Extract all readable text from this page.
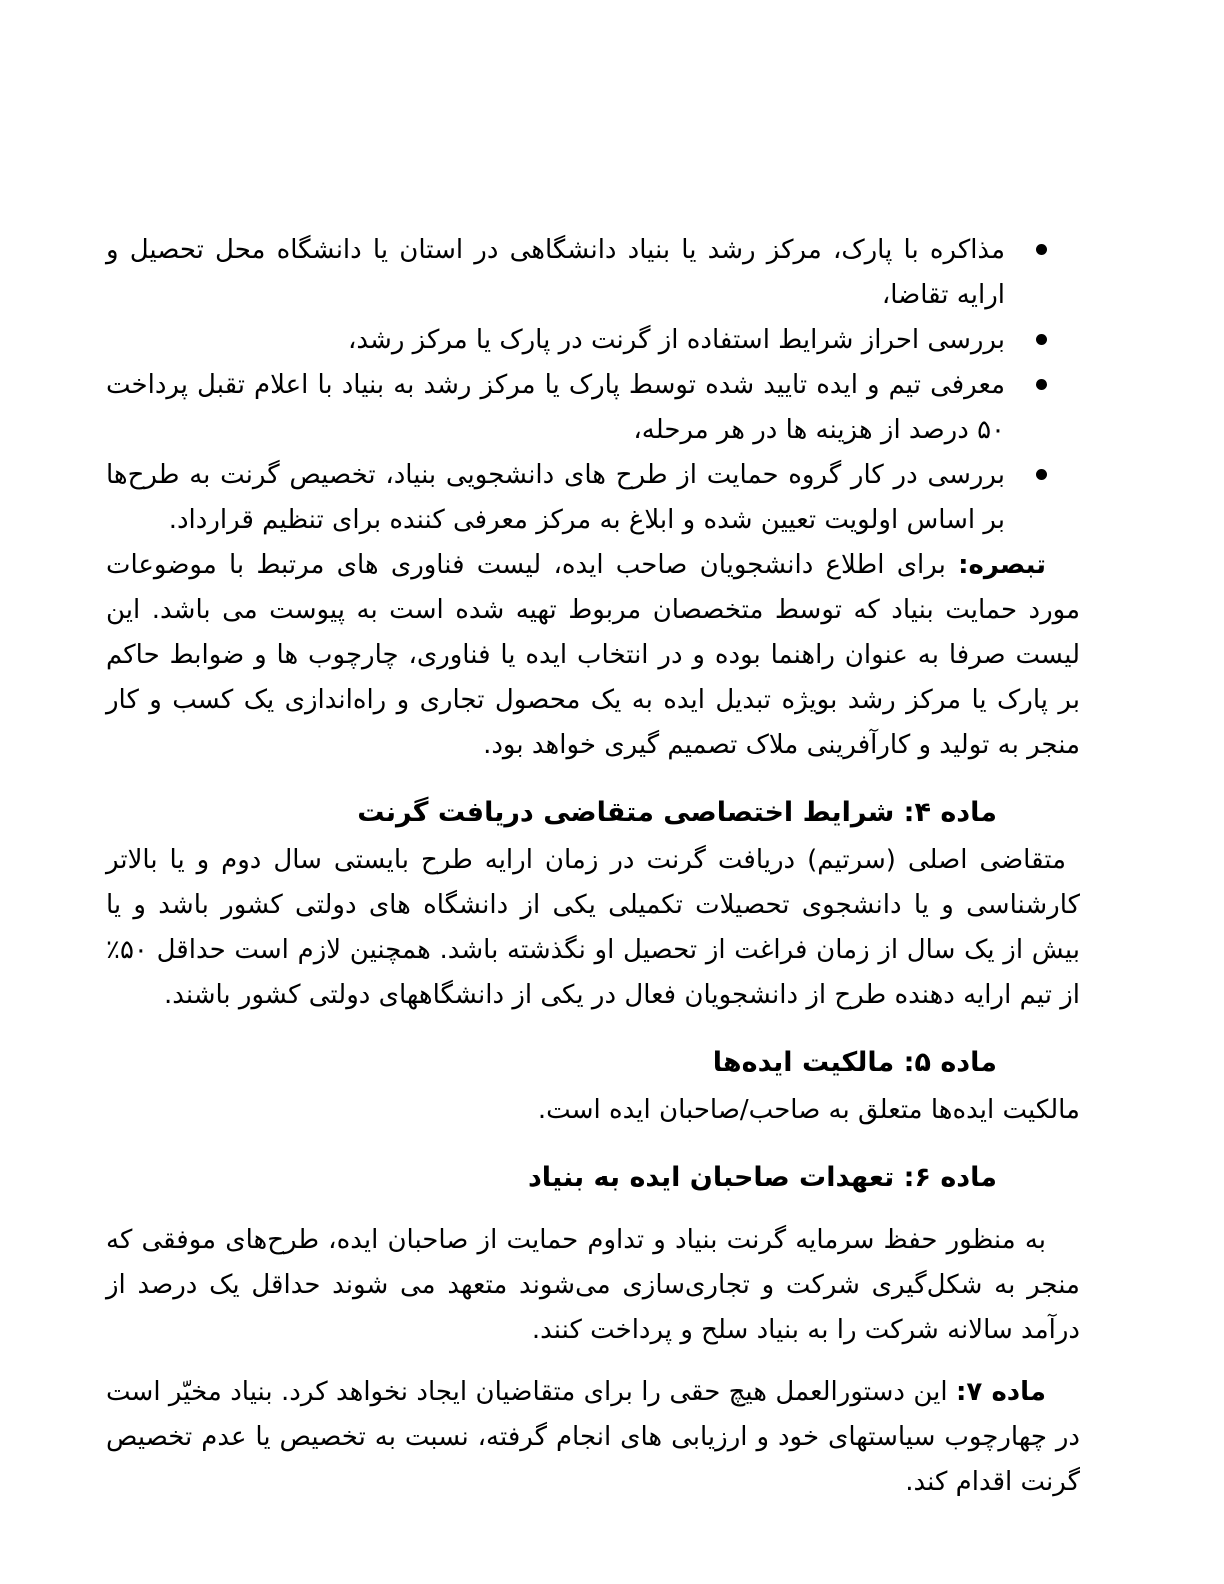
مذاکره با پارک، مرکز رشد یا بنیاد دانشگاهی در استان یا دانشگاه محل تحصیل و ارایه تقاضا،
بررسی احراز شرایط استفاده از گرنت در پارک یا مرکز رشد،
معرفی تیم و ایده تایید شده توسط پارک یا مرکز رشد به بنیاد با اعلام تقبل پرداخت ۵۰ درصد از هزینه ها در هر مرحله،
بررسی در کار گروه حمایت از طرح های دانشجویی بنیاد، تخصیص گرنت به طرح‌ها بر اساس اولویت تعیین شده و ابلاغ به مرکز معرفی کننده برای تنظیم قرارداد.

تبصره: برای اطلاع دانشجویان صاحب ایده، لیست فناوری های مرتبط با موضوعات مورد حمایت بنیاد که توسط متخصصان مربوط تهیه شده است به پیوست می باشد. این لیست صرفا به عنوان راهنما بوده و در انتخاب ایده یا فناوری، چارچوب ها و ضوابط حاکم بر پارک یا مرکز رشد بویژه تبدیل ایده به یک محصول تجاری و راه‌اندازی یک کسب و کار منجر به تولید و کارآفرینی ملاک تصمیم گیری خواهد بود.

ماده ۴: شرایط اختصاصی متقاضی دریافت گرنت

متقاضی اصلی (سرتیم) دریافت گرنت در زمان ارایه طرح بایستی سال دوم و یا بالاتر کارشناسی و یا دانشجوی تحصیلات تکمیلی یکی از دانشگاه های دولتی کشور باشد و یا بیش از یک سال از زمان فراغت از تحصیل او نگذشته باشد. همچنین لازم است حداقل ۵۰٪ از تیم ارایه دهنده طرح از دانشجویان فعال در یکی از دانشگاههای دولتی کشور باشند.

ماده ۵: مالکیت ایده‌ها

مالکیت ایده‌ها متعلق به صاحب/صاحبان ایده است.

ماده ۶: تعهدات صاحبان ایده به بنیاد

به منظور حفظ سرمایه گرنت بنیاد و تداوم حمایت از صاحبان ایده، طرح‌های موفقی که منجر به شکل‌گیری شرکت و تجاری‌سازی می‌شوند متعهد می شوند حداقل یک درصد از درآمد سالانه شرکت را به بنیاد سلح و پرداخت کنند.

ماده ۷: این دستورالعمل هیچ حقی را برای متقاضیان ایجاد نخواهد کرد. بنیاد مخیّر است در چهارچوب سیاستهای خود و ارزیابی های انجام گرفته، نسبت به تخصیص یا عدم تخصیص گرنت اقدام کند.
